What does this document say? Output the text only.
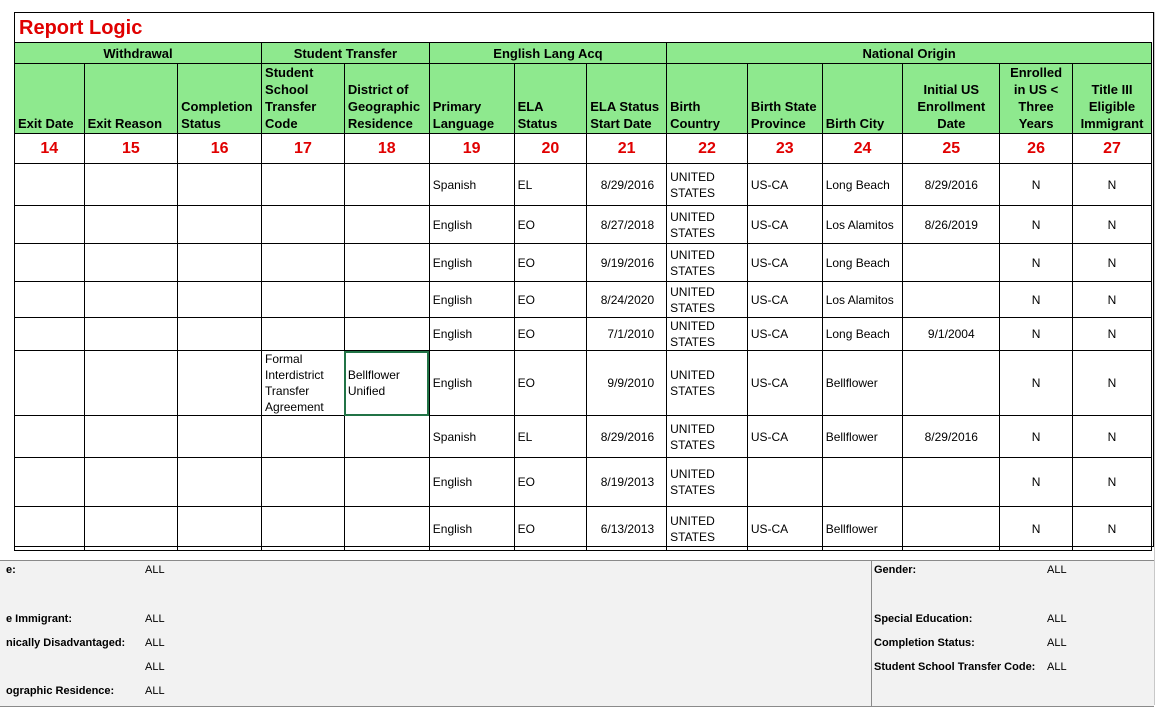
Report Logic
Withdrawal			Student Transfer		English Lang Acq			National Origin					
Exit Date	Exit Reason	Completion Status	Student School Transfer Code	District of Geographic Residence	Primary Language	ELA Status	ELA Status Start Date	Birth Country	Birth State Province	Birth City	Initial US Enrollment Date	Enrolled in US < Three Years	Title III Eligible Immigrant
14	15	16	17	18	19	20	21	22	23	24	25	26	27
					Spanish	EL	8/29/2016	UNITED STATES	US-CA	Long Beach	8/29/2016	N	N
					English	EO	8/27/2018	UNITED STATES	US-CA	Los Alamitos	8/26/2019	N	N
					English	EO	9/19/2016	UNITED STATES	US-CA	Long Beach		N	N
					English	EO	8/24/2020	UNITED STATES	US-CA	Los Alamitos		N	N
					English	EO	7/1/2010	UNITED STATES	US-CA	Long Beach	9/1/2004	N	N
			Formal Interdistrict Transfer Agreement	Bellflower Unified	English	EO	9/9/2010	UNITED STATES	US-CA	Bellflower		N	N
					Spanish	EL	8/29/2016	UNITED STATES	US-CA	Bellflower	8/29/2016	N	N
					English	EO	8/19/2013	UNITED STATES				N	N
					English	EO	6/13/2013	UNITED STATES	US-CA	Bellflower		N	N
e:	ALL
e Immigrant:	ALL
nically Disadvantaged: ALL
ALL
ographic Residence:	ALL
Gender:	ALL
Special Education:	ALL
Completion Status:	ALL
Student School Transfer Code: ALL
